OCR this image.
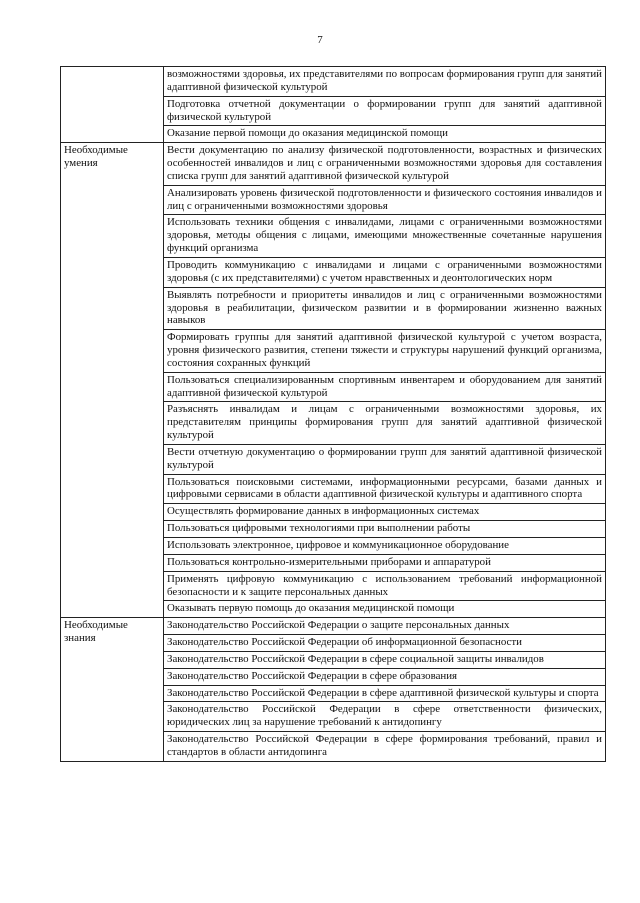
7
	возможностями здоровья, их представителями по вопросам формирования групп для занятий адаптивной физической культурой
	Подготовка отчетной документации о формировании групп для занятий адаптивной физической культурой
	Оказание первой помощи до оказания медицинской помощи
Необходимые умения	Вести документацию по анализу физической подготовленности, возрастных и физических особенностей инвалидов и лиц с ограниченными возможностями здоровья для составления списка групп для занятий адаптивной физической культурой
	Анализировать уровень физической подготовленности и физического состояния инвалидов и лиц с ограниченными возможностями здоровья
	Использовать техники общения с инвалидами, лицами с ограниченными возможностями здоровья, методы общения с лицами, имеющими множественные сочетанные нарушения функций организма
	Проводить коммуникацию с инвалидами и лицами с ограниченными возможностями здоровья (с их представителями) с учетом нравственных и деонтологических норм
	Выявлять потребности и приоритеты инвалидов и лиц с ограниченными возможностями здоровья в реабилитации, физическом развитии и в формировании жизненно важных навыков
	Формировать группы для занятий адаптивной физической культурой с учетом возраста, уровня физического развития, степени тяжести и структуры нарушений функций организма, состояния сохранных функций
	Пользоваться специализированным спортивным инвентарем и оборудованием для занятий адаптивной физической культурой
	Разъяснять инвалидам и лицам с ограниченными возможностями здоровья, их представителям принципы формирования групп для занятий адаптивной физической культурой
	Вести отчетную документацию о формировании групп для занятий адаптивной физической культурой
	Пользоваться поисковыми системами, информационными ресурсами, базами данных и цифровыми сервисами в области адаптивной физической культуры и адаптивного спорта
	Осуществлять формирование данных в информационных системах
	Пользоваться цифровыми технологиями при выполнении работы
	Использовать электронное, цифровое и коммуникационное оборудование
	Пользоваться контрольно-измерительными приборами и аппаратурой
	Применять цифровую коммуникацию с использованием требований информационной безопасности и к защите персональных данных
	Оказывать первую помощь до оказания медицинской помощи
Необходимые знания	Законодательство Российской Федерации о защите персональных данных
	Законодательство Российской Федерации об информационной безопасности
	Законодательство Российской Федерации в сфере социальной защиты инвалидов
	Законодательство Российской Федерации в сфере образования
	Законодательство Российской Федерации в сфере адаптивной физической культуры и спорта
	Законодательство Российской Федерации в сфере ответственности физических, юридических лиц за нарушение требований к антидопингу
	Законодательство Российской Федерации в сфере формирования требований, правил и стандартов в области антидопинга
